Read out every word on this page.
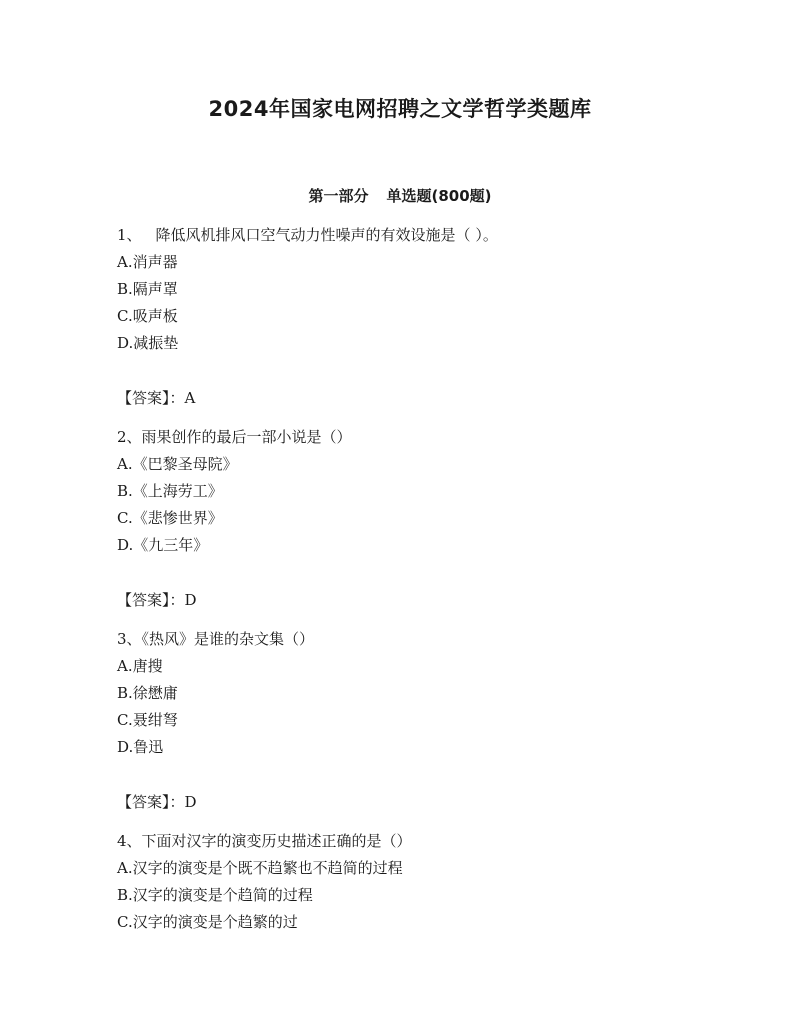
2024年国家电网招聘之文学哲学类题库
第一部分 单选题(800题)
1、 降低风机排风口空气动力性噪声的有效设施是（ ）。
A.消声器
B.隔声罩
C.吸声板
D.减振垫
【答案】：A
2、雨果创作的最后一部小说是（）
A.《巴黎圣母院》
B.《上海劳工》
C.《悲惨世界》
D.《九三年》
【答案】：D
3、《热风》是谁的杂文集（）
A.唐搜
B.徐懋庸
C.聂绀弩
D.鲁迅
【答案】：D
4、下面对汉字的演变历史描述正确的是（）
A.汉字的演变是个既不趋繁也不趋简的过程
B.汉字的演变是个趋简的过程
C.汉字的演变是个趋繁的过
